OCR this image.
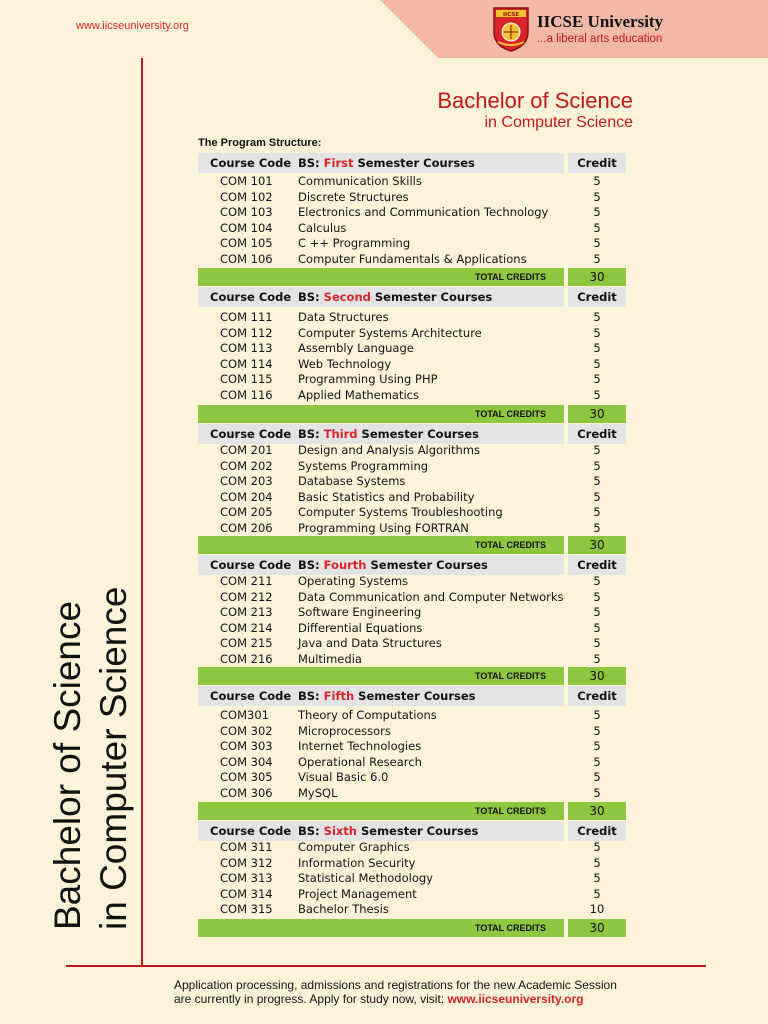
www.iicseuniversity.org
IICSE IICSE University
...a liberal arts education
Bachelor of Science in Computer Science
Bachelor of Science
in Computer Science
The Program Structure:
Course Code BS: First Semester Courses	Credit
COM 101 Communication Skills	5
COM 102 Discrete Structures	5
COM 103 Electronics and Communication Technology	5
COM 104 Calculus	5
COM 105 C ++ Programming	5
COM 106 Computer Fundamentals & Applications	5
TOTAL CREDITS	30
Course Code BS: Second Semester Courses	Credit
COM 111 Data Structures	5
COM 112 Computer Systems Architecture	5
COM 113 Assembly Language	5
COM 114 Web Technology	5
COM 115 Programming Using PHP	5
COM 116 Applied Mathematics	5
TOTAL CREDITS	30
Course Code BS: Third Semester Courses	Credit
COM 201 Design and Analysis Algorithms	5
COM 202 Systems Programming	5
COM 203 Database Systems	5
COM 204 Basic Statistics and Probability	5
COM 205 Computer Systems Troubleshooting	5
COM 206 Programming Using FORTRAN	5
TOTAL CREDITS	30
Course Code BS: Fourth Semester Courses	Credit
COM 211 Operating Systems	5
COM 212 Data Communication and Computer Networks	5
COM 213 Software Engineering	5
COM 214 Differential Equations	5
COM 215 Java and Data Structures	5
COM 216 Multimedia	5
TOTAL CREDITS	30
Course Code BS: Fifth Semester Courses	Credit
COM301	Theory of Computations	5
COM 302 Microprocessors	5
COM 303 Internet Technologies	5
COM 304 Operational Research	5
COM 305 Visual Basic 6.0	5
COM 306 MySQL	5
TOTAL CREDITS	30
Course Code BS: Sixth Semester Courses	Credit
COM 311 Computer Graphics	5
COM 312 Information Security	5
COM 313 Statistical Methodology	5
COM 314 Project Management	5
COM 315 Bachelor Thesis	10
TOTAL CREDITS	30
Application processing, admissions and registrations for the new Academic Session
are currently in progress. Apply for study now, visit: www.iicseuniversity.org
